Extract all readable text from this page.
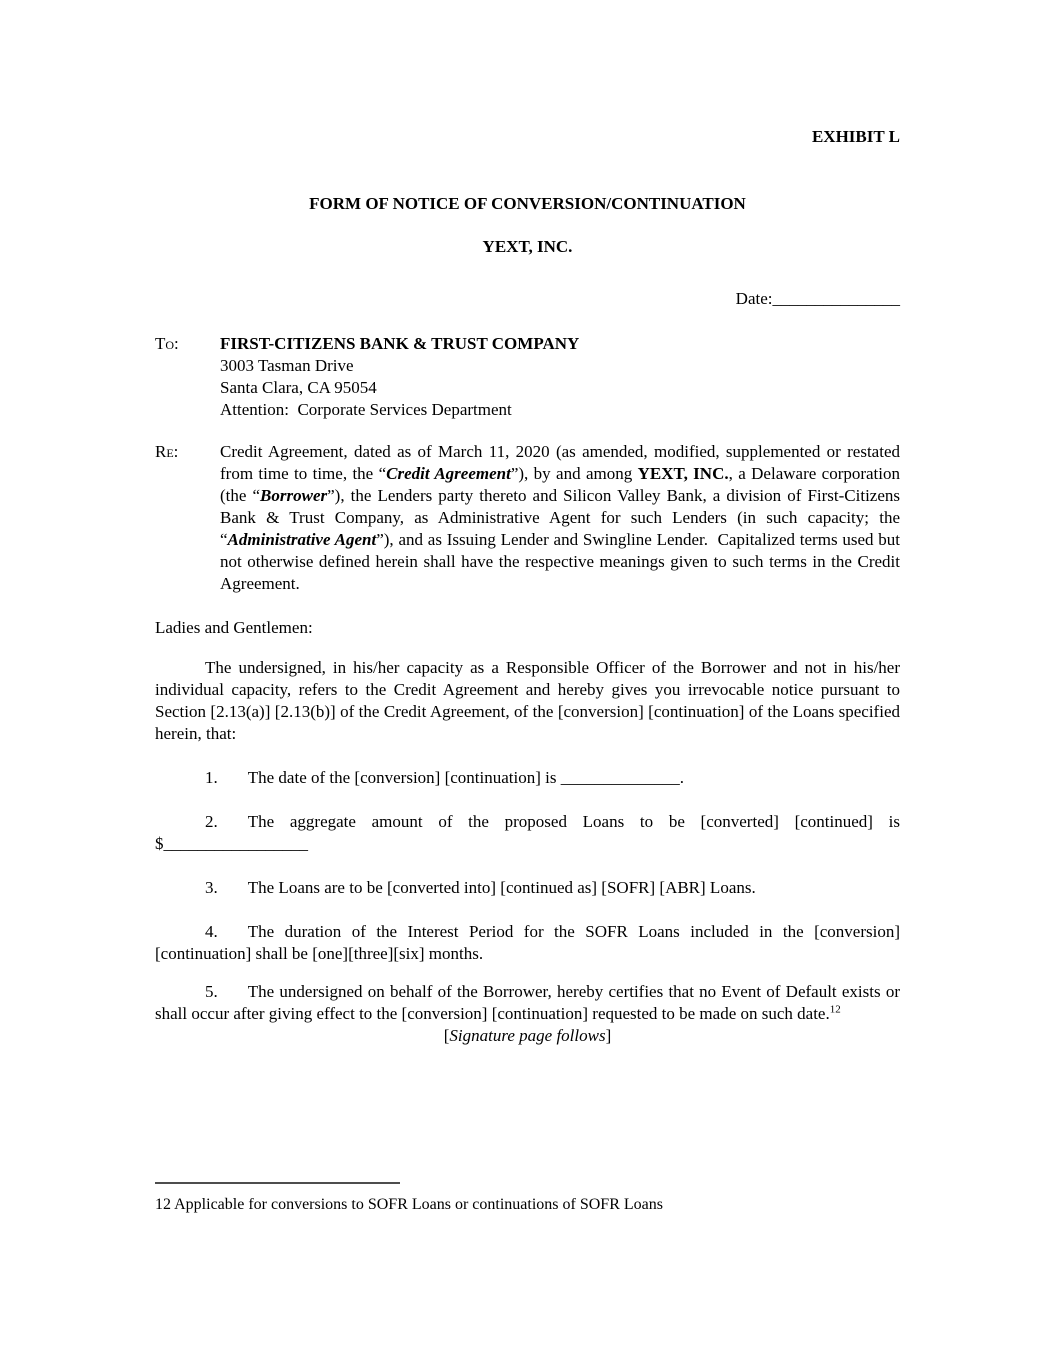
EXHIBIT L
FORM OF NOTICE OF CONVERSION/CONTINUATION
YEXT, INC.
Date:_______________
To:	FIRST-CITIZENS BANK & TRUST COMPANY
3003 Tasman Drive
Santa Clara, CA 95054
Attention:  Corporate Services Department
Re:	Credit Agreement, dated as of March 11, 2020 (as amended, modified, supplemented or restated from time to time, the “Credit Agreement”), by and among YEXT, INC., a Delaware corporation (the “Borrower”), the Lenders party thereto and Silicon Valley Bank, a division of First-Citizens Bank & Trust Company, as Administrative Agent for such Lenders (in such capacity; the “Administrative Agent”), and as Issuing Lender and Swingline Lender.  Capitalized terms used but not otherwise defined herein shall have the respective meanings given to such terms in the Credit Agreement.

Ladies and Gentlemen:

The undersigned, in his/her capacity as a Responsible Officer of the Borrower and not in his/her individual capacity, refers to the Credit Agreement and hereby gives you irrevocable notice pursuant to Section [2.13(a)] [2.13(b)] of the Credit Agreement, of the [conversion] [continuation] of the Loans specified herein, that:

1. The date of the [conversion] [continuation] is ______________.

2. The aggregate amount of the proposed Loans to be [converted] [continued] is $_________________

3. The Loans are to be [converted into] [continued as] [SOFR] [ABR] Loans.

4. The duration of the Interest Period for the SOFR Loans included in the [conversion] [continuation] shall be [one][three][six] months.

5. The undersigned on behalf of the Borrower, hereby certifies that no Event of Default exists or shall occur after giving effect to the [conversion] [continuation] requested to be made on such date.$^{12}$

[Signature page follows]

12 Applicable for conversions to SOFR Loans or continuations of SOFR Loans
